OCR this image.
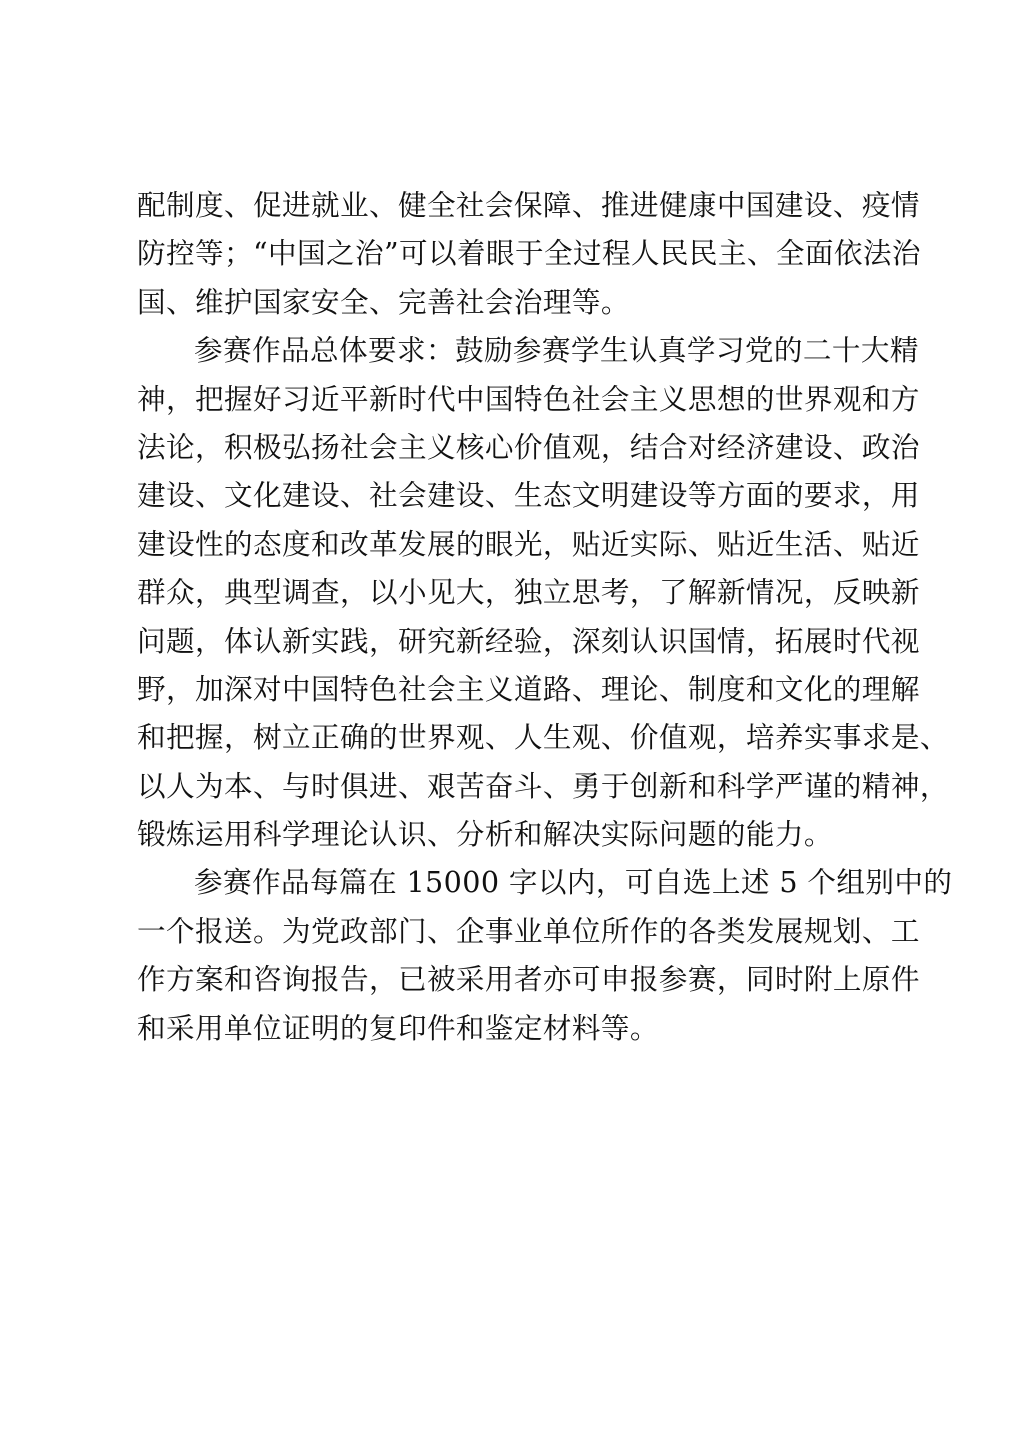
配制度、促进就业、健全社会保障、推进健康中国建设、疫情
防控等；“中国之治”可以着眼于全过程人民民主、全面依法治
国、维护国家安全、完善社会治理等。
参赛作品总体要求：鼓励参赛学生认真学习党的二十大精
神，把握好习近平新时代中国特色社会主义思想的世界观和方
法论，积极弘扬社会主义核心价值观，结合对经济建设、政治
建设、文化建设、社会建设、生态文明建设等方面的要求，用
建设性的态度和改革发展的眼光，贴近实际、贴近生活、贴近
群众，典型调查，以小见大，独立思考，了解新情况，反映新
问题，体认新实践，研究新经验，深刻认识国情，拓展时代视
野，加深对中国特色社会主义道路、理论、制度和文化的理解
和把握，树立正确的世界观、人生观、价值观，培养实事求是、
以人为本、与时俱进、艰苦奋斗、勇于创新和科学严谨的精神，
锻炼运用科学理论认识、分析和解决实际问题的能力。
参赛作品每篇在 15000 字以内，可自选上述 5 个组别中的
一个报送。为党政部门、企事业单位所作的各类发展规划、工
作方案和咨询报告，已被采用者亦可申报参赛，同时附上原件
和采用单位证明的复印件和鉴定材料等。
